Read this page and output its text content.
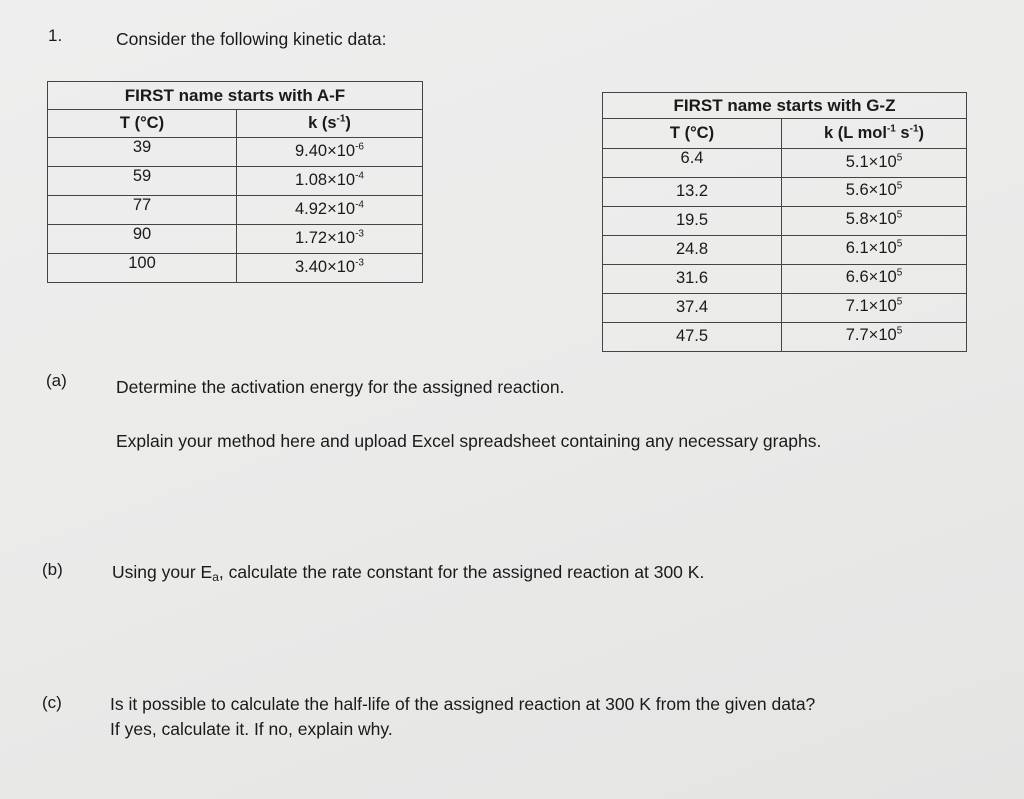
1.	Consider the following kinetic data:
FIRST name starts with A-F	
T (°C)	k $(s^{-1})$
39	$9.40\times 10^{-6}$
59	$1.08\times 10^{-4}$
77	$4.92\times 10^{-4}$
90	$1.72\times 10^{-3}$
100	$3.40\times 10^{-3}$
FIRST name starts with G-Z	
T (°C)	k (L mol$^{-1}$ $s^{-1}$)
6.4	$5.1\times 10^5$
13.2	$5.6\times 10^5$
19.5	$5.8\times 10^5$
24.8	$6.1\times 10^5$
31.6	$6.6\times 10^5$
37.4	$7.1\times 10^5$
47.5	$7.7\times 10^5$
(a)	Determine the activation energy for the assigned reaction.
Explain your method here and upload Excel spreadsheet containing any necessary graphs.
(b)	Using your $E_a$, calculate the rate constant for the assigned reaction at 300 K.
(c)	Is it possible to calculate the half-life of the assigned reaction at 300 K from the given data?
If yes, calculate it. If no, explain why.
